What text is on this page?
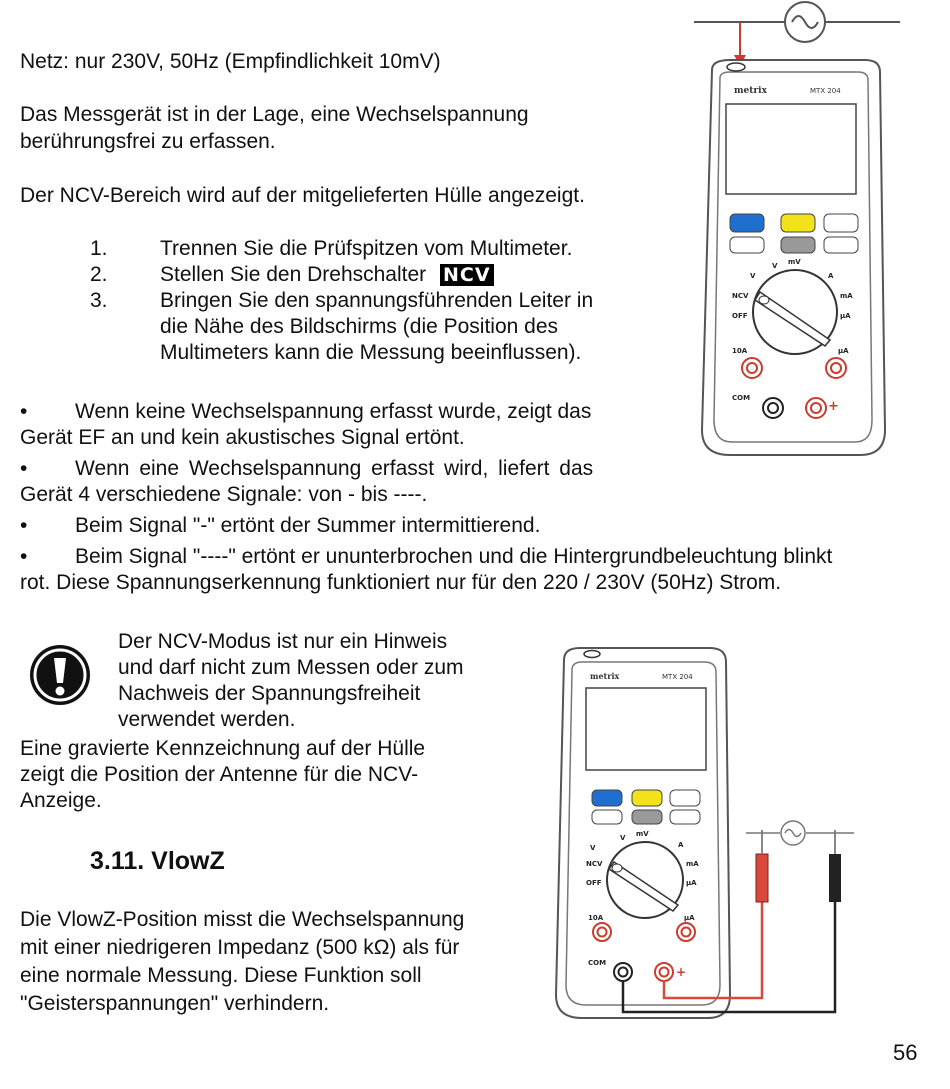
Netz: nur 230V, 50Hz (Empfindlichkeit 10mV)
Das Messgerät ist in der Lage, eine Wechselspannung
berührungsfrei zu erfassen.
Der NCV-Bereich wird auf der mitgelieferten Hülle angezeigt.
1. Trennen Sie die Prüfspitzen vom Multimeter.
2. Stellen Sie den Drehschalter NCV
3. Bringen Sie den spannungsführenden Leiter in
die Nähe des Bildschirms (die Position des
Multimeters kann die Messung beeinflussen).
• Wenn keine Wechselspannung erfasst wurde, zeigt das
Gerät EF an und kein akustisches Signal ertönt.
• Wenn eine Wechselspannung erfasst wird, liefert das
Gerät 4 verschiedene Signale: von - bis ----.
• Beim Signal "-" ertönt der Summer intermittierend.
• Beim Signal "----" ertönt er ununterbrochen und die Hintergrundbeleuchtung blinkt
rot. Diese Spannungserkennung funktioniert nur für den 220 / 230V (50Hz) Strom.
Der NCV-Modus ist nur ein Hinweis
und darf nicht zum Messen oder zum
Nachweis der Spannungsfreiheit
verwendet werden.
Eine gravierte Kennzeichnung auf der Hülle
zeigt die Position der Antenne für die NCV-
Anzeige.
3.11. VlowZ
Die VlowZ-Position misst die Wechselspannung
mit einer niedrigeren Impedanz (500 kΩ) als für
eine normale Messung. Diese Funktion soll
"Geisterspannungen" verhindern.
56
metrix	MTX 204
V
V mV
A
NCV
OFF
mA
µA
10A	µA
COM
+
metrix	MTX 204
V
V mV
A
NCV
OFF
mA
µA
10A	µA
COM
+
